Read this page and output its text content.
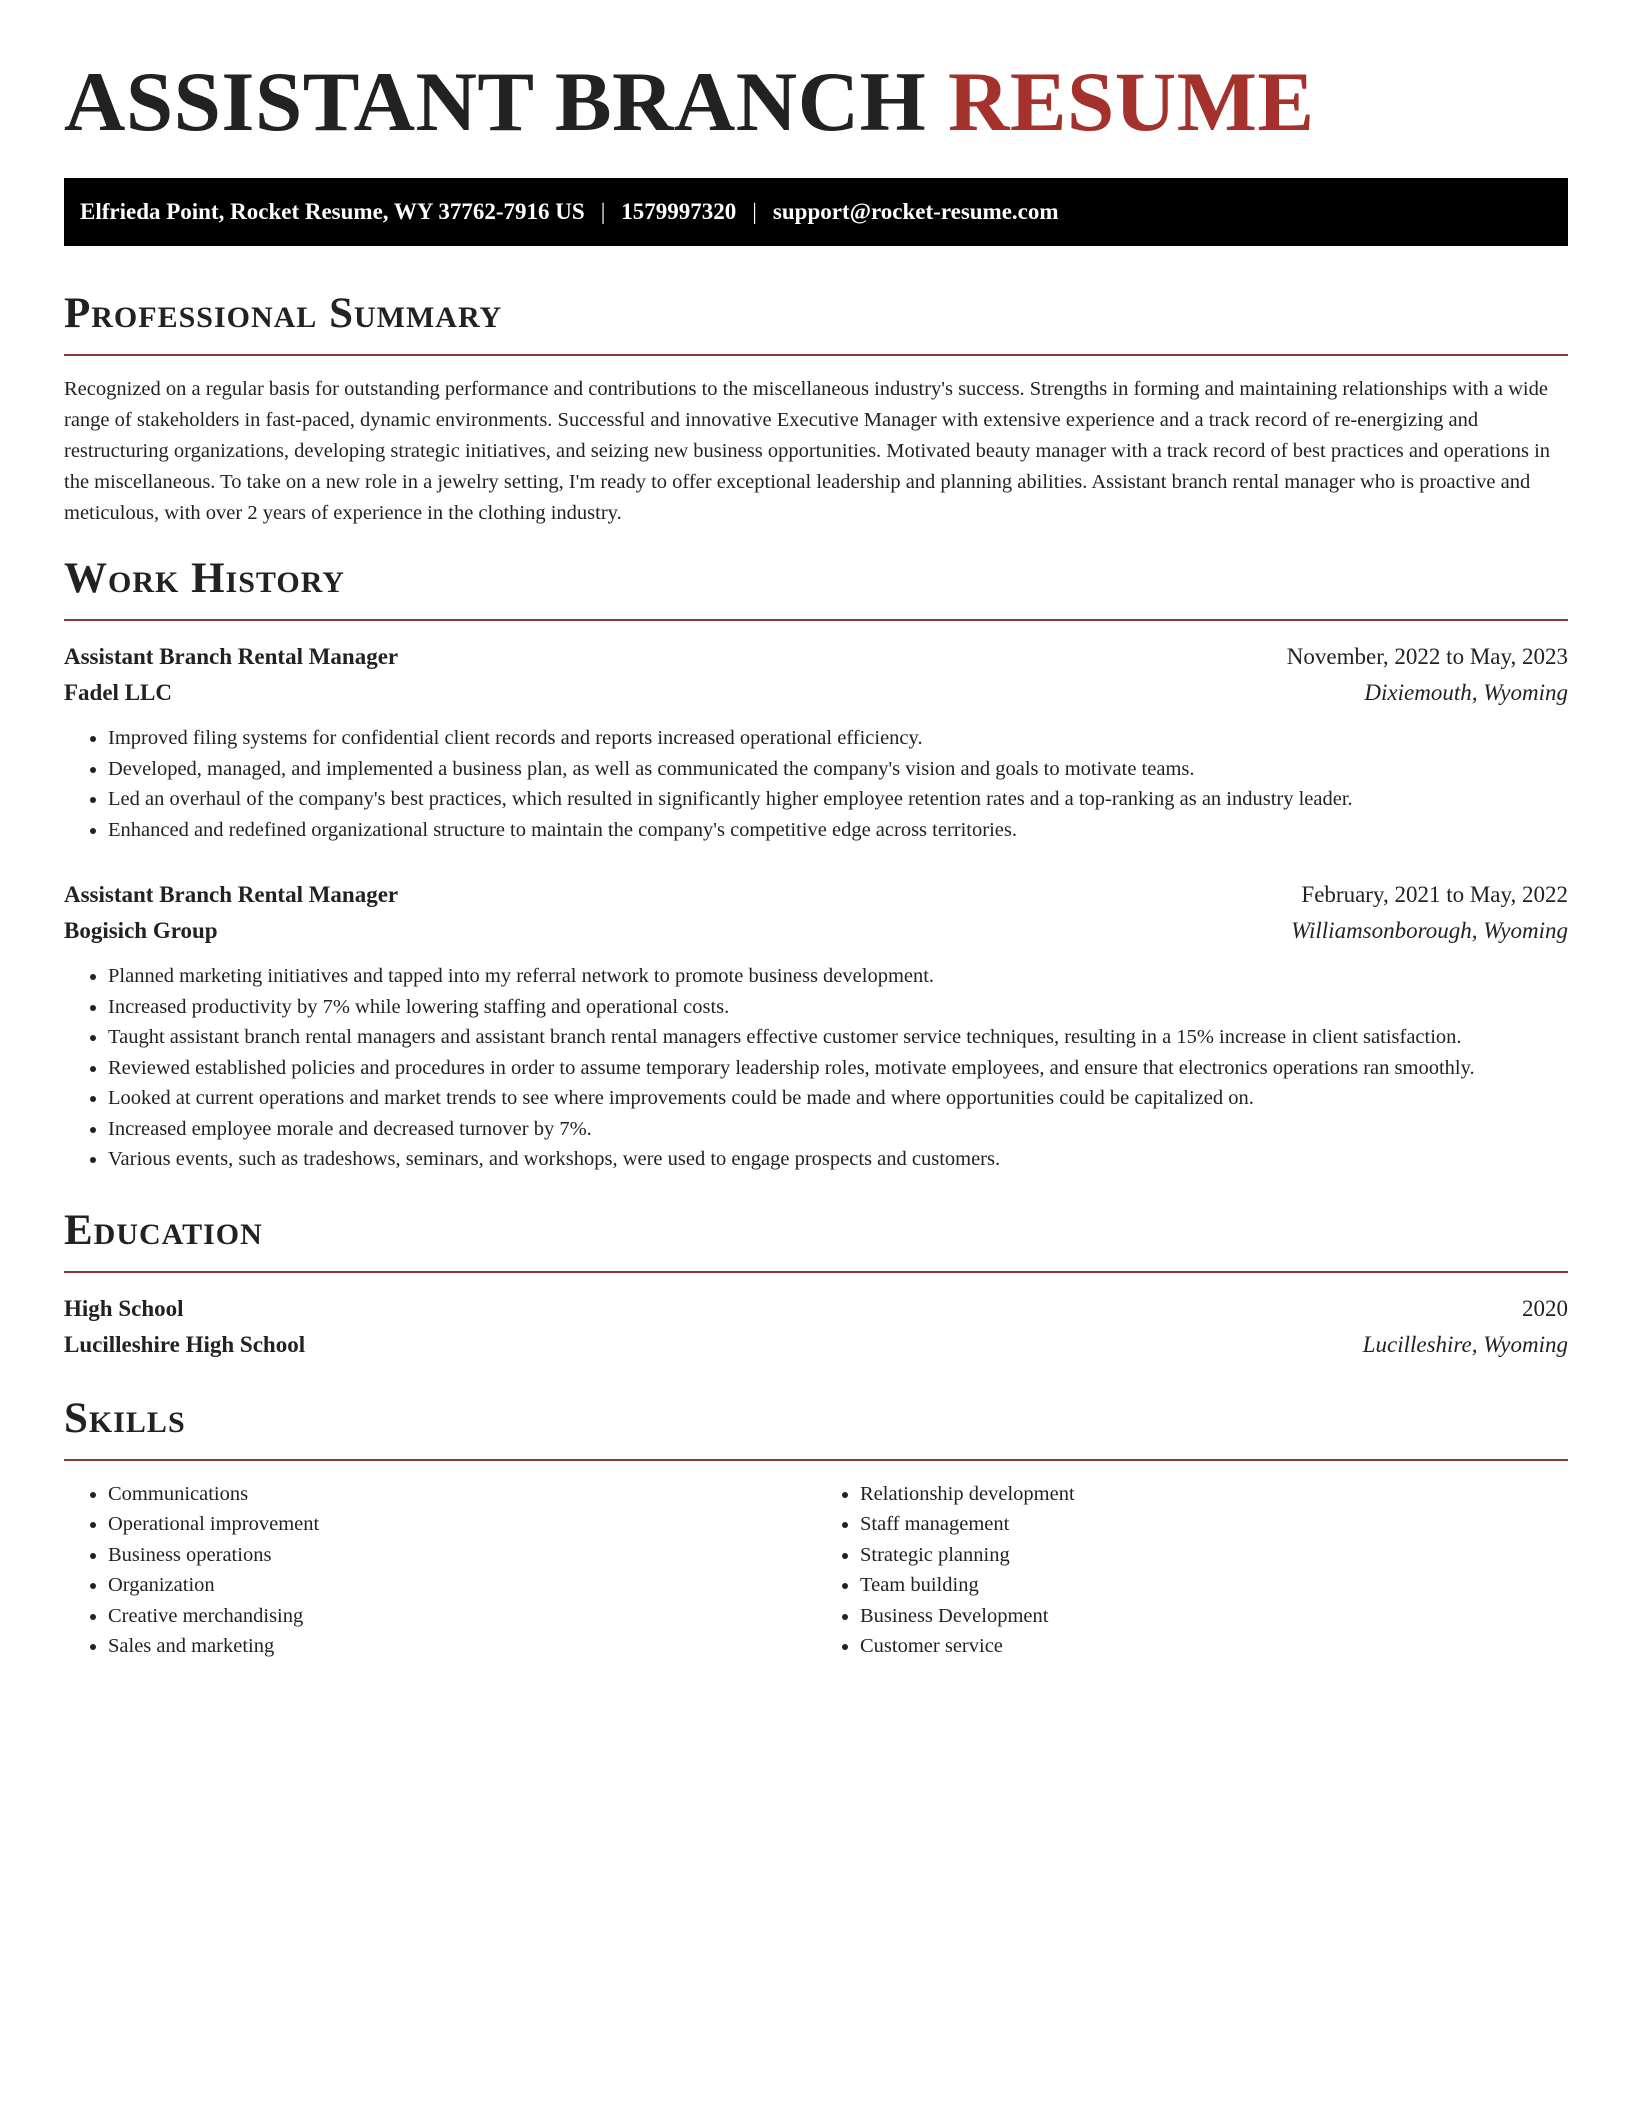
ASSISTANT BRANCH RESUME
Elfrieda Point, Rocket Resume, WY 37762-7916 US | 1579997320 | support@rocket-resume.com
Professional Summary

Recognized on a regular basis for outstanding performance and contributions to the miscellaneous industry's success. Strengths in forming and maintaining relationships with a wide range of stakeholders in fast-paced, dynamic environments. Successful and innovative Executive Manager with extensive experience and a track record of re-energizing and restructuring organizations, developing strategic initiatives, and seizing new business opportunities. Motivated beauty manager with a track record of best practices and operations in the miscellaneous. To take on a new role in a jewelry setting, I'm ready to offer exceptional leadership and planning abilities. Assistant branch rental manager who is proactive and meticulous, with over 2 years of experience in the clothing industry.

Work History
Assistant Branch Rental Manager	November, 2022 to May, 2023
Fadel LLC	Dixiemouth, Wyoming
• Improved filing systems for confidential client records and reports increased operational efficiency.
• Developed, managed, and implemented a business plan, as well as communicated the company's vision and goals to motivate teams.
• Led an overhaul of the company's best practices, which resulted in significantly higher employee retention rates and a top-ranking as an industry leader.
• Enhanced and redefined organizational structure to maintain the company's competitive edge across territories.
Assistant Branch Rental Manager	February, 2021 to May, 2022
Bogisich Group	Williamsonborough, Wyoming
• Planned marketing initiatives and tapped into my referral network to promote business development.
• Increased productivity by 7% while lowering staffing and operational costs.
• Taught assistant branch rental managers and assistant branch rental managers effective customer service techniques, resulting in a 15% increase in client satisfaction.
• Reviewed established policies and procedures in order to assume temporary leadership roles, motivate employees, and ensure that electronics operations ran smoothly.
• Looked at current operations and market trends to see where improvements could be made and where opportunities could be capitalized on.
• Increased employee morale and decreased turnover by 7%.
• Various events, such as tradeshows, seminars, and workshops, were used to engage prospects and customers.
Education
High School	2020
Lucilleshire High School	Lucilleshire, Wyoming
Skills
• Communications
• Operational improvement
• Business operations
• Organization
• Creative merchandising
• Sales and marketing
• Relationship development
• Staff management
• Strategic planning
• Team building
• Business Development
• Customer service
